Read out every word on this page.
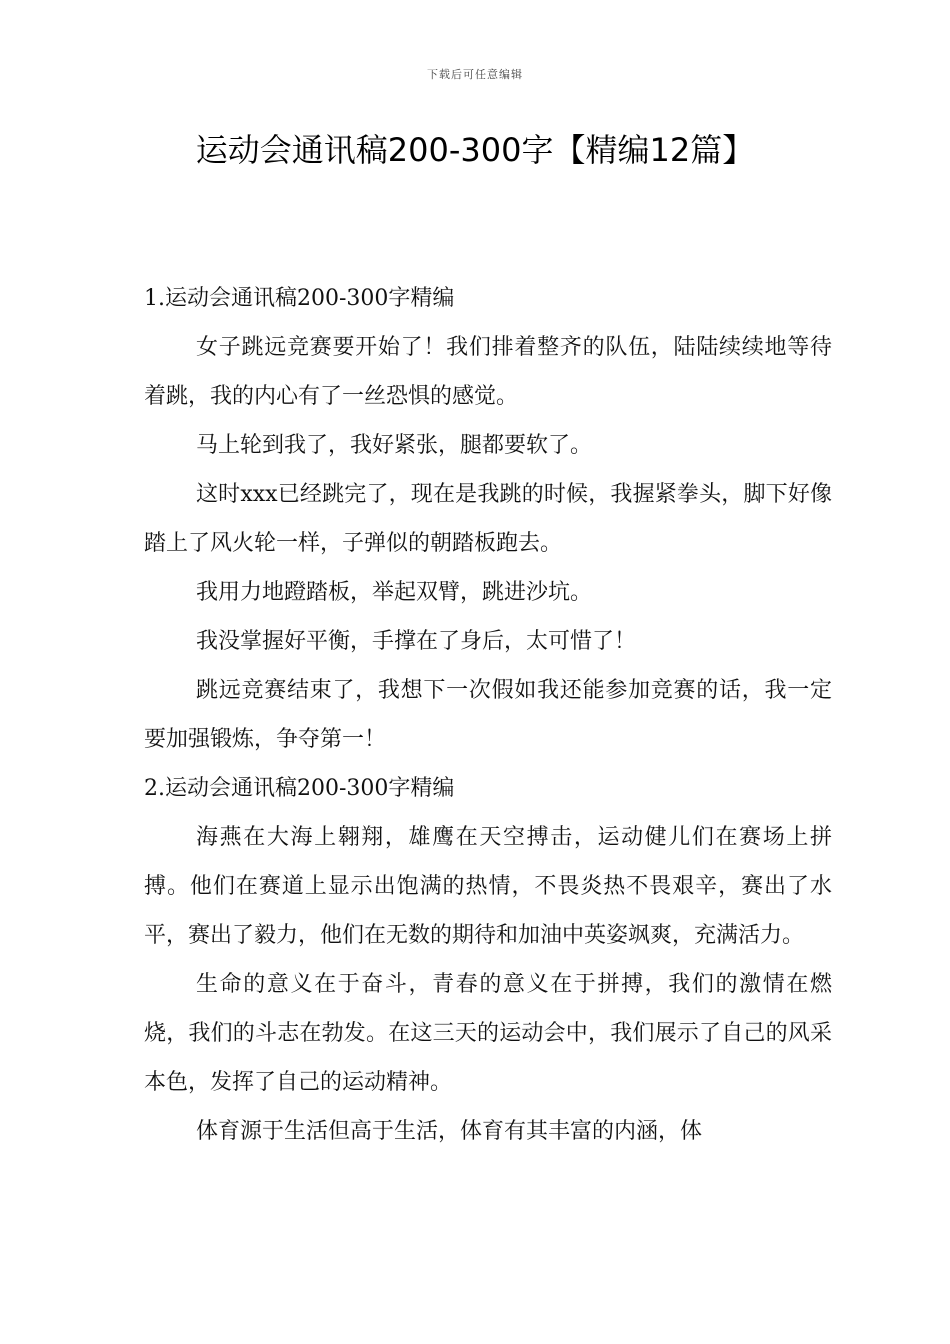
下载后可任意编辑
运动会通讯稿200-300字【精编12篇】

1.运动会通讯稿200-300字精编

女子跳远竞赛要开始了！我们排着整齐的队伍，陆陆续续地等待着跳，我的内心有了一丝恐惧的感觉。

马上轮到我了，我好紧张，腿都要软了。

这时xxx已经跳完了，现在是我跳的时候，我握紧拳头，脚下好像踏上了风火轮一样，子弹似的朝踏板跑去。

我用力地蹬踏板，举起双臂，跳进沙坑。

我没掌握好平衡，手撑在了身后，太可惜了！

跳远竞赛结束了，我想下一次假如我还能参加竞赛的话，我一定要加强锻炼，争夺第一！

2.运动会通讯稿200-300字精编

海燕在大海上翱翔，雄鹰在天空搏击，运动健儿们在赛场上拼搏。他们在赛道上显示出饱满的热情，不畏炎热不畏艰辛，赛出了水平，赛出了毅力，他们在无数的期待和加油中英姿飒爽，充满活力。

生命的意义在于奋斗，青春的意义在于拼搏，我们的激情在燃烧，我们的斗志在勃发。在这三天的运动会中，我们展示了自己的风采本色，发挥了自己的运动精神。

体育源于生活但高于生活，体育有其丰富的内涵，体
